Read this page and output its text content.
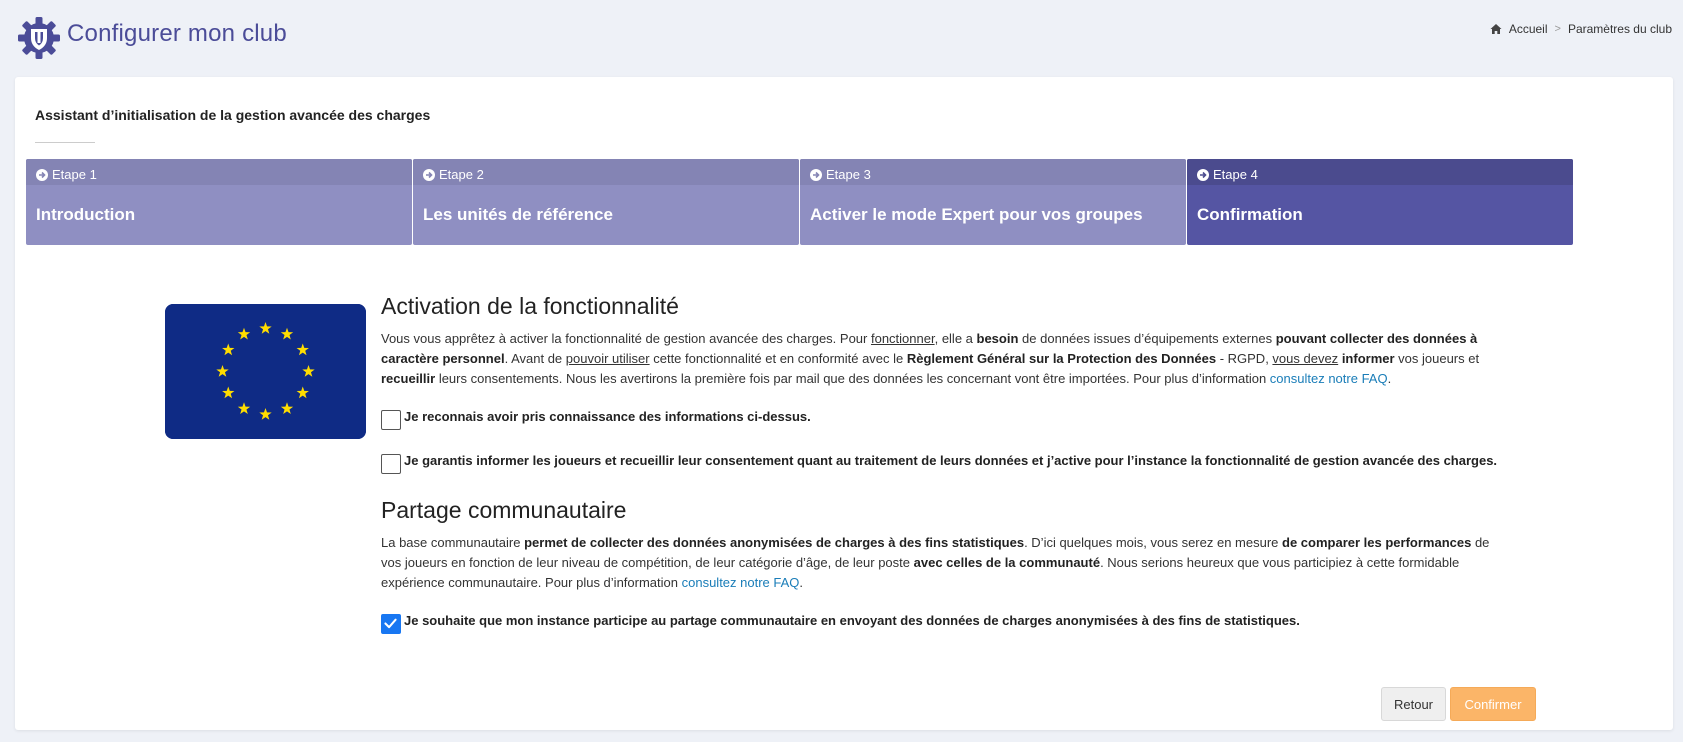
Configurer mon club	Accueil > Paramètres du club
Assistant d’initialisation de la gestion avancée des charges
Etape 1
Introduction
Etape 2
Les unités de référence
Etape 3
Activer le mode Expert pour vos groupes
Etape 4
Confirmation
Activation de la fonctionnalité

Vous vous apprêtez à activer la fonctionnalité de gestion avancée des charges. Pour fonctionner, elle a besoin de données issues d’équipements externes pouvant collecter des données à caractère personnel. Avant de pouvoir utiliser cette fonctionnalité et en conformité avec le Règlement Général sur la Protection des Données - RGPD, vous devez informer vos joueurs et recueillir leurs consentements. Nous les avertirons la première fois par mail que des données les concernant vont être importées. Pour plus d’information consultez notre FAQ.

Je reconnais avoir pris connaissance des informations ci-dessus.
Je garantis informer les joueurs et recueillir leur consentement quant au traitement de leurs données et j’active pour l’instance la fonctionnalité de gestion avancée des charges.
Partage communautaire

La base communautaire permet de collecter des données anonymisées de charges à des fins statistiques. D’ici quelques mois, vous serez en mesure de comparer les performances de vos joueurs en fonction de leur niveau de compétition, de leur catégorie d’âge, de leur poste avec celles de la communauté. Nous serions heureux que vous participiez à cette formidable expérience communautaire. Pour plus d’information consultez notre FAQ.

Je souhaite que mon instance participe au partage communautaire en envoyant des données de charges anonymisées à des fins de statistiques.
Retour	Confirmer
